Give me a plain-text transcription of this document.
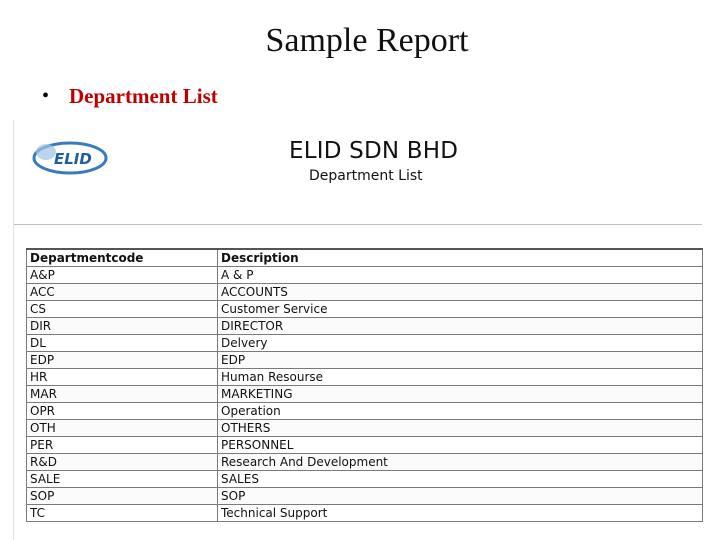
Sample Report
• Department List
ELID	ELID SDN BHD
Department List
Departmentcode	Description
A&P	A & P
ACC	ACCOUNTS
CS	Customer Service
DIR	DIRECTOR
DL	Delvery
EDP	EDP
HR	Human Resourse
MAR	MARKETING
OPR	Operation
OTH	OTHERS
PER	PERSONNEL
R&D	Research And Development
SALE	SALES
SOP	SOP
TC	Technical Support
